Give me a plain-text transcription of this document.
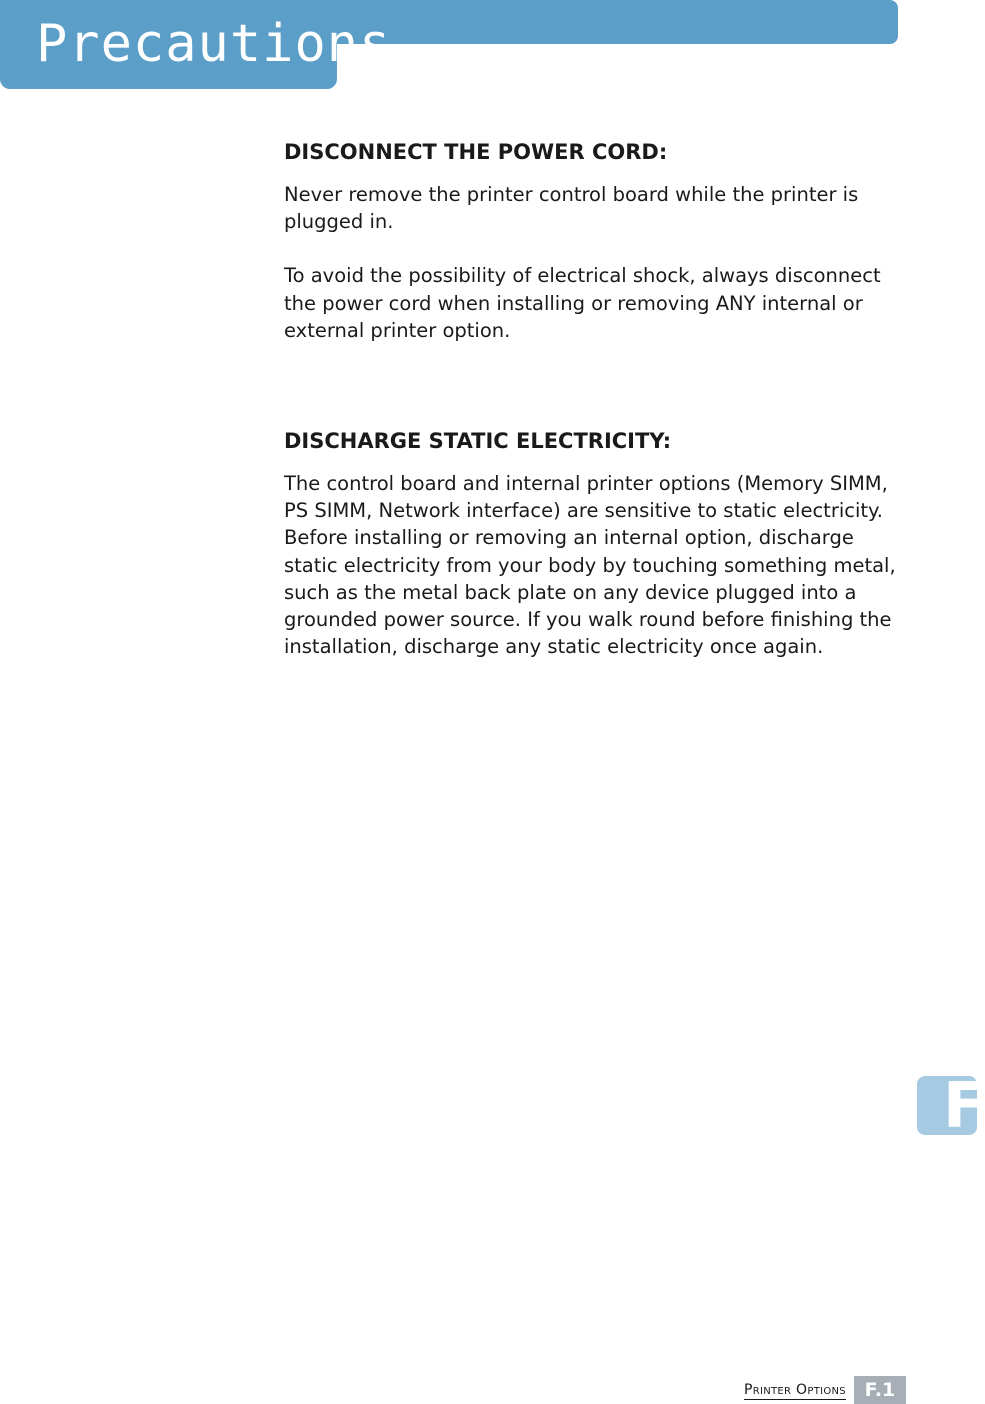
Precautions
DISCONNECT THE POWER CORD:

Never remove the printer control board while the printer is plugged in.

To avoid the possibility of electrical shock, always disconnect the power cord when installing or removing ANY internal or external printer option.

DISCHARGE STATIC ELECTRICITY:

The control board and internal printer options (Memory SIMM, PS SIMM, Network interface) are sensitive to static electricity. Before installing or removing an internal option, discharge static electricity from your body by touching something metal, such as the metal back plate on any device plugged into a grounded power source. If you walk round before finishing the installation, discharge any static electricity once again.

F
Printer Options F.1
